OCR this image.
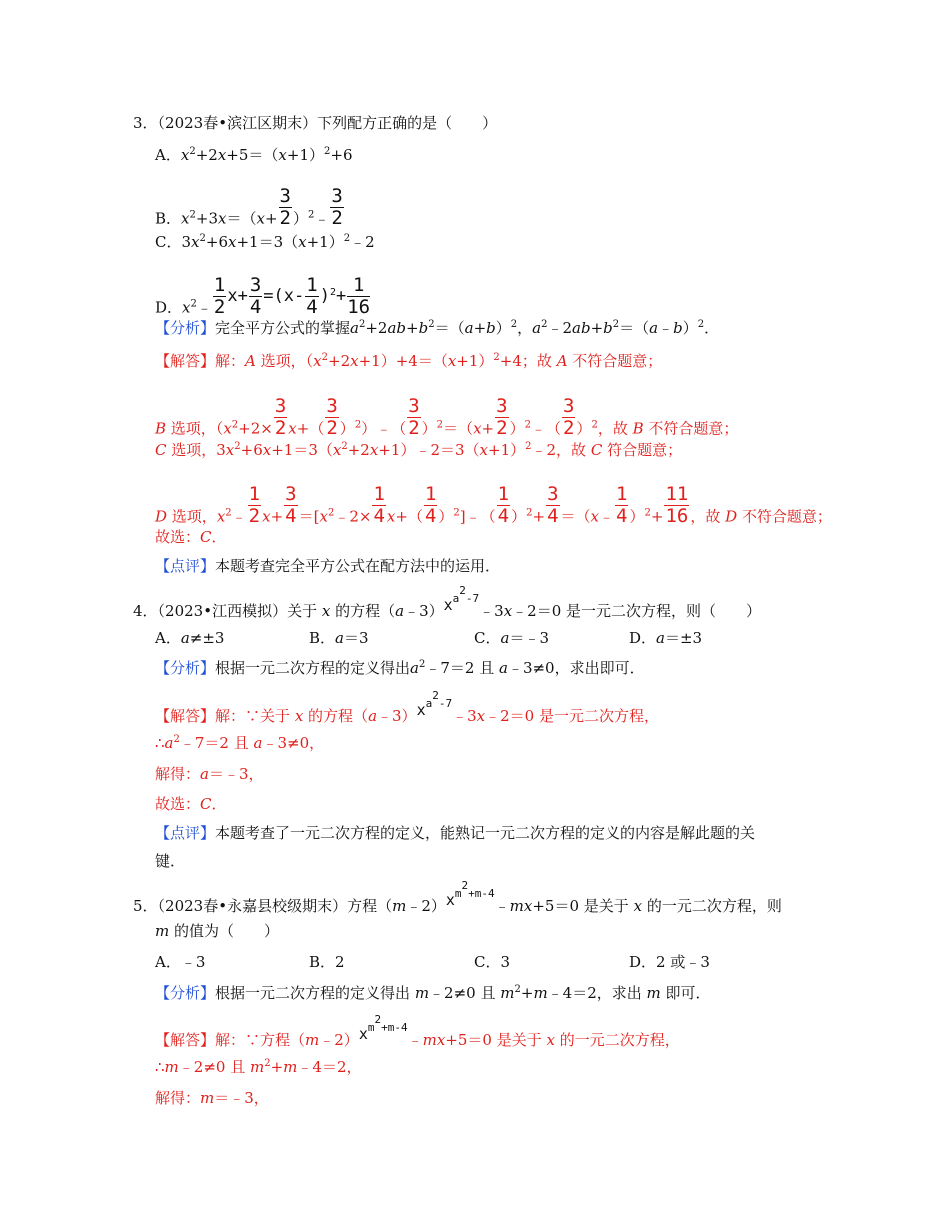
3．（2023春•滨江区期末）下列配方正确的是（　　）
A．$x^2+2x+5=(x+1)^2+6$
B．$x^2+3x=(x+ \frac{3}{2}$ ）$^2﹣ \frac{3}{2}$
C．$3x^2+6x+1=3(x+1)^2﹣2$
D．$x^2﹣ \frac{1}{2} x+ \frac{3}{4} =(x- \frac{1}{4} )^2+ \frac{1}{16}$
【分析】完全平方公式的掌握$a^2+2ab+b^2=(a+b)^2$，$a^2﹣2ab+b^2=(a﹣b)^2$．
【解答】解：A 选项，$(x^2+2x+1)+4=(x+1)^2+4$；故 A 不符合题意；
B 选项，（$x^2+2\times \frac{3}{2} x+( \frac{3}{2}$ ）$^2)﹣( \frac{3}{2} )^2=(x+ \frac{3}{2}$ ）$^2﹣( \frac{3}{2} )^2$，故 B 不符合题意；
C 选项，$3x^2+6x+1=3(x^2+2x+1)﹣2=3(x+1)^2﹣2$，故 C 符合题意；
D 选项，$x^2﹣ \frac{1}{2} x+ \frac{3}{4}$ $=[x^2﹣2\times \frac{1}{4} x+( \frac{1}{4}$ ）$^2]﹣( \frac{1}{4} )^2+ \frac{3}{4}$ ＝（x﹣ $\frac{1}{4} )^2+ \frac{11}{16}$ ，故 D 不符合题意；
故选：C．
【点评】本题考查完全平方公式在配方法中的运用．
4．（2023•江西模拟）关于 x 的方程$(a﹣3)x^{a^2-7}﹣3x﹣2=0$ 是一元二次方程，则（　　）
A．a≠±3	B．a＝3	C．a＝﹣3	D．a＝±3
【分析】根据一元二次方程的定义得出$a^2﹣7=2$ 且 a﹣3≠0，求出即可．
【解答】解：∵关于 x 的方程$(a﹣3)x^{a^2-7}﹣3x﹣2=0$ 是一元二次方程，
$\therefore a^2﹣7=2$ 且 a﹣3≠0，
解得：a＝﹣3，
故选：C．
【点评】本题考查了一元二次方程的定义，能熟记一元二次方程的定义的内容是解此题的关
键．
5．（2023春•永嘉县校级期末）方程$(m﹣2)x^{m^2+m-4}﹣mx+5=0$ 是关于 x 的一元二次方程，则
m 的值为（　　）
A．﹣3	B．2	C．3	D．2 或﹣3
【分析】根据一元二次方程的定义得出 m﹣2≠0 且 $m^2+m﹣4=2$，求出 m 即可．
【解答】解：∵方程$(m﹣2)x^{m^2+m-4}﹣mx+5=0$ 是关于 x 的一元二次方程，
∴m﹣2≠0 且 $m^2+m﹣4=2$，
解得：m＝﹣3，
